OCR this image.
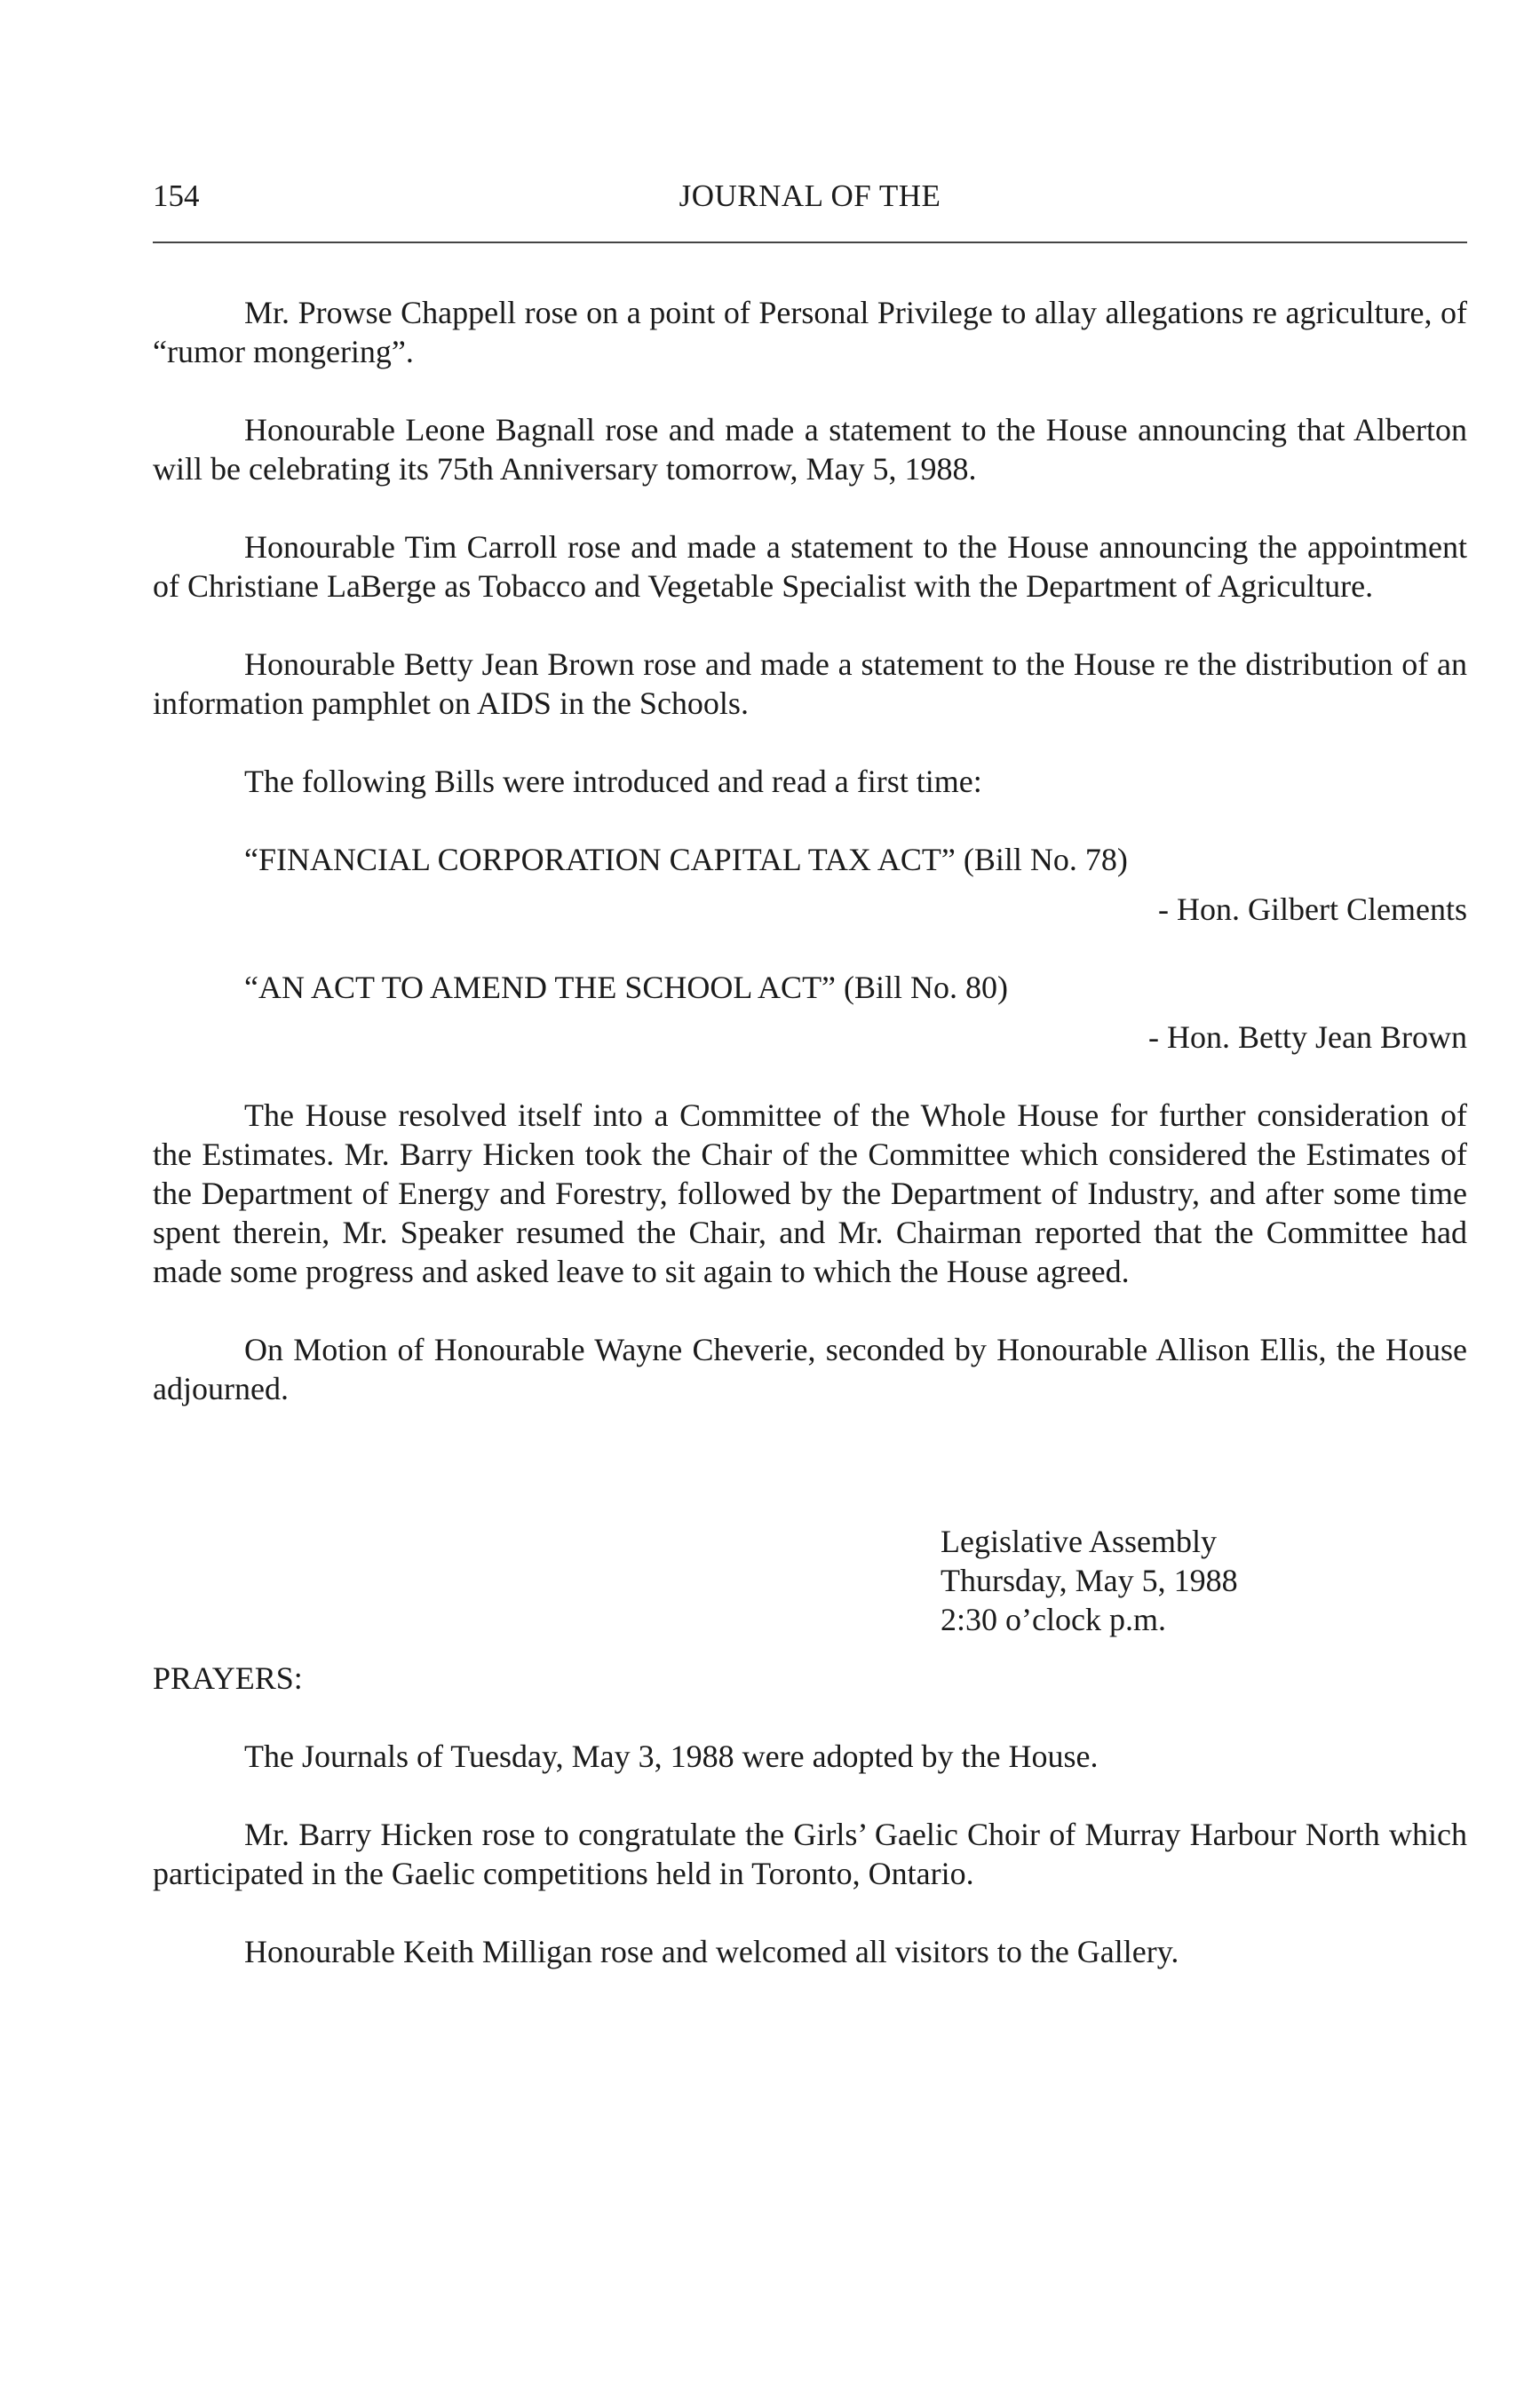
154	JOURNAL OF THE

Mr. Prowse Chappell rose on a point of Personal Privilege to allay allegations re agriculture, of “rumor mongering”.

Honourable Leone Bagnall rose and made a statement to the House announcing that Alberton will be celebrating its 75th Anniversary tomorrow, May 5, 1988.

Honourable Tim Carroll rose and made a statement to the House announcing the appointment of Christiane LaBerge as Tobacco and Vegetable Specialist with the Department of Agriculture.

Honourable Betty Jean Brown rose and made a statement to the House re the distribution of an information pamphlet on AIDS in the Schools.

The following Bills were introduced and read a first time:

“FINANCIAL CORPORATION CAPITAL TAX ACT” (Bill No. 78)

- Hon. Gilbert Clements

“AN ACT TO AMEND THE SCHOOL ACT” (Bill No. 80)

- Hon. Betty Jean Brown

The House resolved itself into a Committee of the Whole House for further consideration of the Estimates. Mr. Barry Hicken took the Chair of the Committee which considered the Estimates of the Department of Energy and Forestry, followed by the Department of Industry, and after some time spent therein, Mr. Speaker resumed the Chair, and Mr. Chairman reported that the Committee had made some progress and asked leave to sit again to which the House agreed.

On Motion of Honourable Wayne Cheverie, seconded by Honourable Allison Ellis, the House adjourned.

Legislative Assembly
Thursday, May 5, 1988
2:30 o’clock p.m.

PRAYERS:

The Journals of Tuesday, May 3, 1988 were adopted by the House.

Mr. Barry Hicken rose to congratulate the Girls’ Gaelic Choir of Murray Harbour North which participated in the Gaelic competitions held in Toronto, Ontario.

Honourable Keith Milligan rose and welcomed all visitors to the Gallery.
